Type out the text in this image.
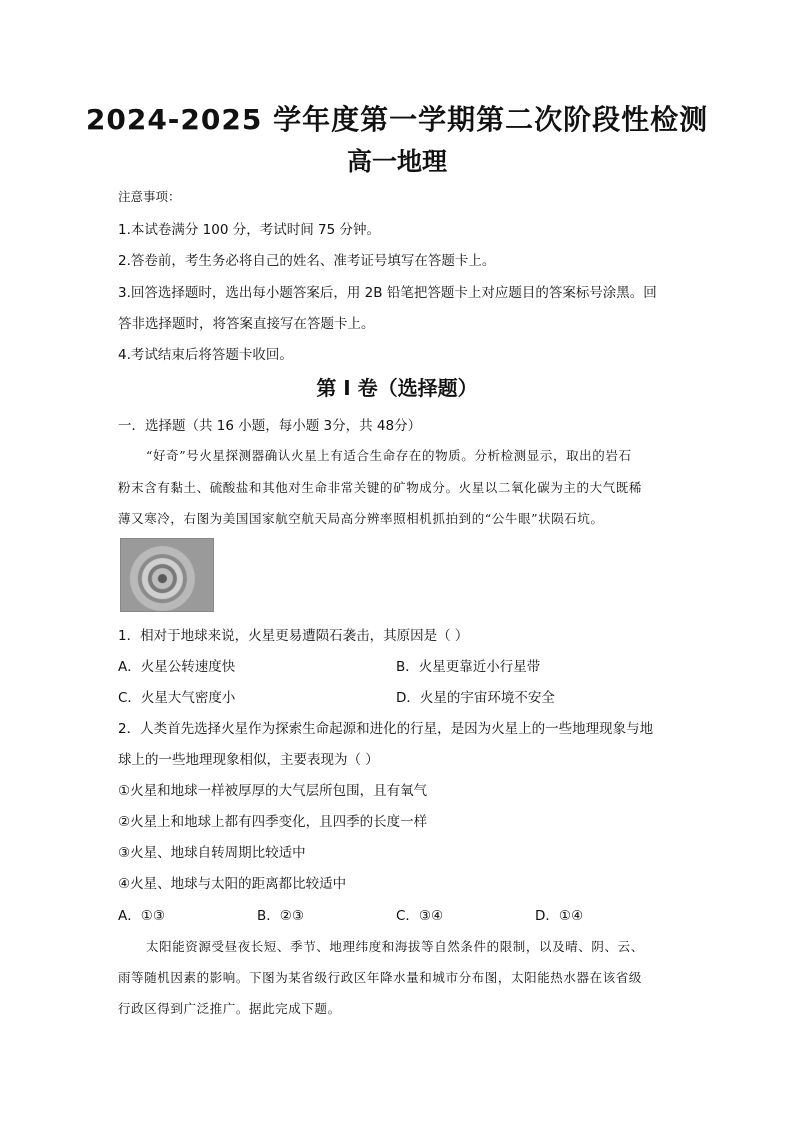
2024-2025 学年度第一学期第二次阶段性检测
高一地理
注意事项：
1.本试卷满分 100 分，考试时间 75 分钟。
2.答卷前，考生务必将自己的姓名、准考证号填写在答题卡上。
3.回答选择题时，选出每小题答案后，用 2B 铅笔把答题卡上对应题目的答案标号涂黑。回
答非选择题时，将答案直接写在答题卡上。
4.考试结束后将答题卡收回。
第 I 卷（选择题）
一．选择题（共 16 小题，每小题 3分，共 48分）
“好奇”号火星探测器确认火星上有适合生命存在的物质。分析检测显示，取出的岩石
粉末含有黏土、硫酸盐和其他对生命非常关键的矿物成分。火星以二氧化碳为主的大气既稀
薄又寒冷，右图为美国国家航空航天局高分辨率照相机抓拍到的“公牛眼”状陨石坑。
1．相对于地球来说，火星更易遭陨石袭击，其原因是（ ）
A．火星公转速度快	B．火星更靠近小行星带
C．火星大气密度小	D．火星的宇宙环境不安全
2．人类首先选择火星作为探索生命起源和进化的行星，是因为火星上的一些地理现象与地
球上的一些地理现象相似，主要表现为（ ）
①火星和地球一样被厚厚的大气层所包围，且有氧气
②火星上和地球上都有四季变化，且四季的长度一样
③火星、地球自转周期比较适中
④火星、地球与太阳的距离都比较适中
A．①③	B．②③	C．③④	D．①④
太阳能资源受昼夜长短、季节、地理纬度和海拔等自然条件的限制，以及晴、阴、云、
雨等随机因素的影响。下图为某省级行政区年降水量和城市分布图，太阳能热水器在该省级
行政区得到广泛推广。据此完成下题。
